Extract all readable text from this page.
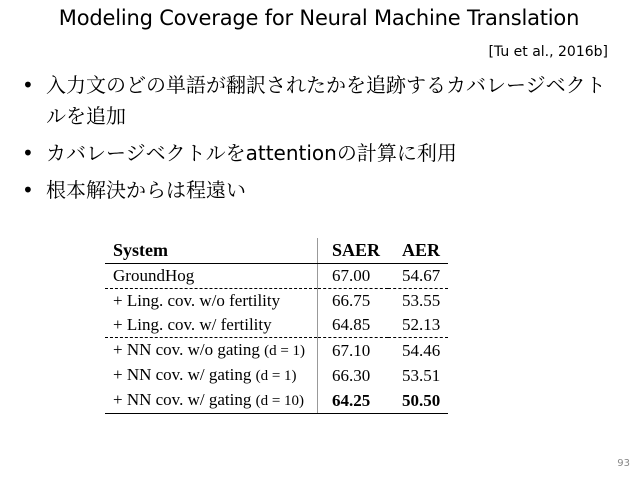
Modeling Coverage for Neural Machine Translation
[Tu et al., 2016b]
• 入力文のどの単語が翻訳されたかを追跡するカバレージベクトルを追加
• カバレージベクトルをattentionの計算に利用
• 根本解決からは程遠い
System	SAER	AER
GroundHog	67.00	54.67
+ Ling. cov. w/o fertility	66.75	53.55
+ Ling. cov. w/ fertility	64.85	52.13
+ NN cov. w/o gating (d = 1)	67.10	54.46
+ NN cov. w/ gating (d = 1)	66.30	53.51
+ NN cov. w/ gating (d = 10)	64.25	50.50
93
